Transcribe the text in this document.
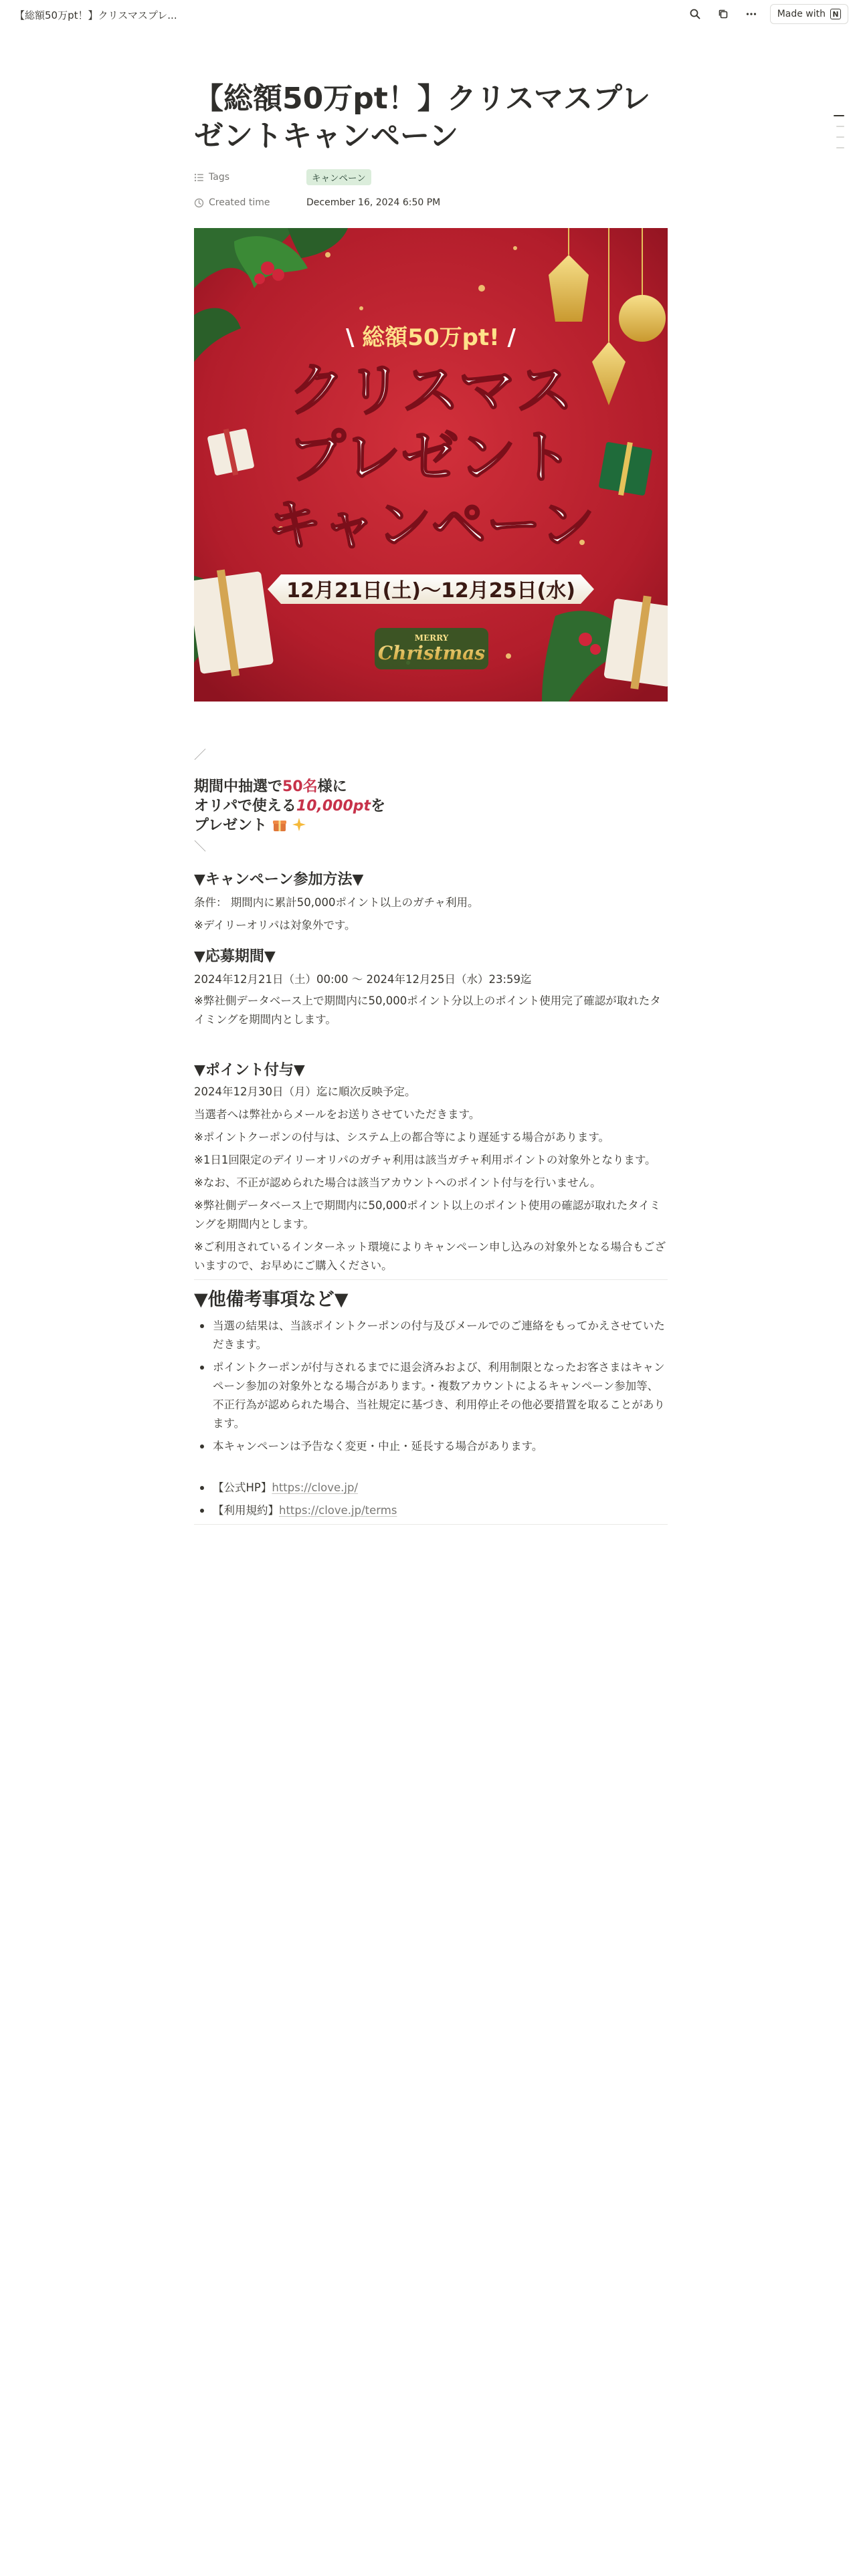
【総額50万pt！】クリスマスプレ...	Made with N
【総額50万pt！】クリスマスプレゼントキャンペーン
Tags	キャンペーン
Created time	December 16, 2024 6:50 PM
\ 総額50万pt! /
クリスマス
プレゼント
キャンペーン
12月21日(土)〜12月25日(水)
MERRY
Christmas
／
期間中抽選で50名様に
オリパで使える10,000ptを
プレゼント
＼
▼キャンペーン参加方法▼

条件： 期間内に累計50,000ポイント以上のガチャ利用。

※デイリーオリパは対象外です。

▼応募期間▼

2024年12月21日（土）00:00 〜 2024年12月25日（水）23:59迄

※弊社側データベース上で期間内に50,000ポイント分以上のポイント使用完了確認が取れたタイミングを期間内とします。

▼ポイント付与▼

2024年12月30日（月）迄に順次反映予定。

当選者へは弊社からメールをお送りさせていただきます。

※ポイントクーポンの付与は、システム上の都合等により遅延する場合があります。

※1日1回限定のデイリーオリパのガチャ利用は該当ガチャ利用ポイントの対象外となります。

※なお、不正が認められた場合は該当アカウントへのポイント付与を行いません。

※弊社側データベース上で期間内に50,000ポイント以上のポイント使用の確認が取れたタイミングを期間内とします。

※ご利用されているインターネット環境によりキャンペーン申し込みの対象外となる場合もございますので、お早めにご購入ください。

▼他備考事項など▼
当選の結果は、当該ポイントクーポンの付与及びメールでのご連絡をもってかえさせていただきます。
ポイントクーポンが付与されるまでに退会済みおよび、利用制限となったお客さまはキャンペーン参加の対象外となる場合があります。・複数アカウントによるキャンペーン参加等、不正行為が認められた場合、当社規定に基づき、利用停止その他必要措置を取ることがあります。
本キャンペーンは予告なく変更・中止・延長する場合があります。
【公式HP】https://clove.jp/
【利用規約】https://clove.jp/terms
